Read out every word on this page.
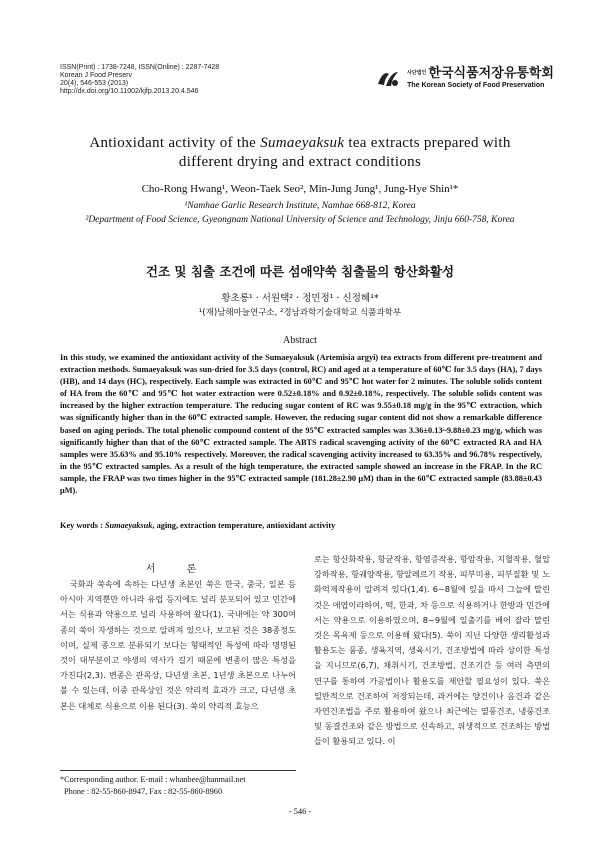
ISSN(Print) : 1738-7248, ISSN(Online) : 2287-7428
Korean J Food Preserv
20(4), 546-553 (2013)
http://dx.doi.org/10.11002/kjfp.2013.20.4.546
사단법인 한국식품저장유통학회
The Korean Society of Food Preservation
Antioxidant activity of the Sumaeyaksuk tea extracts prepared with
different drying and extract conditions
Cho-Rong Hwang¹, Weon-Taek Seo², Min-Jung Jung¹, Jung-Hye Shin¹*
¹Namhae Garlic Research Institute, Namhae 668-812, Korea
²Department of Food Science, Gyeongnam National University of Science and Technology, Jinju 660-758, Korea
건조 및 침출 조건에 따른 섬애약쑥 침출물의 항산화활성
황초롱¹ · 서원택² · 정민정¹ · 신정혜¹*
¹(재)남해마늘연구소, ²경남과학기술대학교 식품과학부
Abstract
In this study, we examined the antioxidant activity of the Sumaeyaksuk (Artemisia argyi) tea extracts from different pre-treatment and extraction methods. Sumaeyaksuk was sun-dried for 3.5 days (control, RC) and aged at a temperature of 60℃ for 3.5 days (HA), 7 days (HB), and 14 days (HC), respectively. Each sample was extracted in 60℃ and 95℃ hot water for 2 minutes. The soluble solids content of HA from the 60℃ and 95℃ hot water extraction were 0.52±0.18% and 0.92±0.18%, respectively. The soluble solids content was increased by the higher extraction temperature. The reducing sugar content of RC was 9.55±0.18 mg/g in the 95℃ extraction, which was significantly higher than in the 60℃ extracted sample. However, the reducing sugar content did not show a remarkable difference based on aging periods. The total phenolic compound content of the 95℃ extracted samples was 3.36±0.13~9.88±0.23 mg/g, which was significantly higher than that of the 60℃ extracted sample. The ABTS radical scavenging activity of the 60℃ extracted RA and HA samples were 35.63% and 95.10% respectively. Moreover, the radical scavenging activity increased to 63.35% and 96.78% respectively, in the 95℃ extracted samples. As a result of the high temperature, the extracted sample showed an increase in the FRAP. In the RC sample, the FRAP was two times higher in the 95℃ extracted sample (181.28±2.90 μM) than in the 60℃ extracted sample (83.88±0.43 μM).
Key words : Sumaeyaksuk, aging, extraction temperature, antioxidant activity
서 론

국화과 쑥속에 속하는 다년생 초본인 쑥은 한국, 중국, 일본 등 아시아 지역뿐만 아니라 유럽 등지에도 널리 분포되어 있고 민간에서는 식용과 약용으로 널리 사용하여 왔다(1). 국내에는 약 300여종의 쑥이 자생하는 것으로 알려져 있으나, 보고된 것은 38종정도 이며, 실제 종으로 분류되기 보다는 형태적인 특성에 따라 명명된 것이 대부분이고 야생의 역사가 길기 때문에 변종이 많은 특성을 가진다(2,3). 변종은 관목상, 다년생 초본, 1년생 초본으로 나누어 볼 수 있는데, 이중 관목상인 것은 약리적 효과가 크고, 다년생 초본은 대체로 식용으로 이용 된다(3). 쑥의 약리적 효능으

로는 항산화작용, 항균작용, 항염증작용, 항암작용, 지혈작용, 혈압강하작용, 항궤양작용, 항알레르기 작용, 피부미용, 피부질환 및 노화억제작용이 알려져 있다(1,4). 6~8월에 잎을 따서 그늘에 말린 것은 애엽이라하여, 떡, 한과, 차 등으로 식용하거나 한방과 민간에서는 약용으로 이용하였으며, 8~9월에 일출기를 베어 잘라 말린 것은 목욕제 등으로 이용해 왔다(5). 쑥이 지닌 다양한 생리활성과 활용도는 품종, 생육지역, 생육시기, 건조방법에 따라 상이한 특성을 지니므로(6,7), 채취시기, 건조방법, 건조기간 등 여러 측면의 연구를 통하여 가공법이나 활용도를 제안할 필요성이 있다. 쑥은 일반적으로 건조하여 저장되는데, 과거에는 양건이나 음건과 같은 자연건조법을 주로 활용하여 왔으나 최근에는 열풍건조, 냉풍건조 및 동결건조와 같은 방법으로 신속하고, 위생적으로 건조하는 방법들이 활용되고 있다. 이

*Corresponding author. E-mail : whanbee@hanmail.net
Phone : 82-55-860-8947, Fax : 82-55-860-8960
- 546 -
